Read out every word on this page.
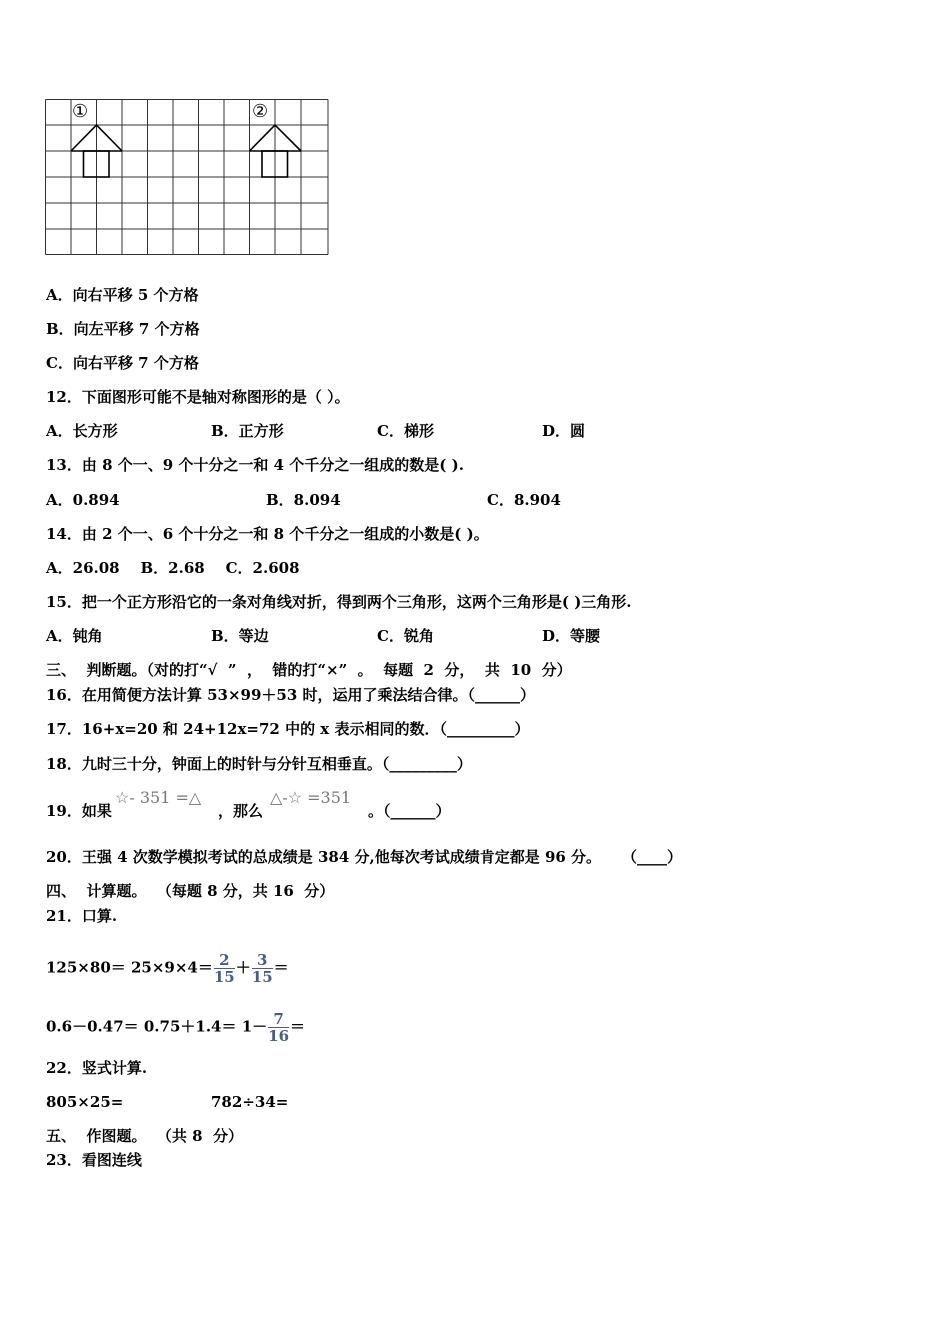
①	②
A．向右平移 5 个方格
B．向左平移 7 个方格
C．向右平移 7 个方格
12．下面图形可能不是轴对称图形的是（ ）。
A．长方形	B．正方形	C．梯形	D．圆
13．由 8 个一、9 个十分之一和 4 个千分之一组成的数是( ).
A．0.894	B．8.094	C．8.904
14．由 2 个一、6 个十分之一和 8 个千分之一组成的小数是( )。
A．26.08    B．2.68    C．2.608
15．把一个正方形沿它的一条对角线对折，得到两个三角形，这两个三角形是( )三角形.
A．钝角	B．等边	C．锐角	D．等腰
三、  判断题。（对的打“√  ”  ，  错的打“×”  。  每题  2  分，  共  10  分）
16．在用简便方法计算 53×99＋53 时，运用了乘法结合律。（______）
17．16+x=20 和 24+12x=72 中的 x 表示相同的数．（_________）
18．九时三十分，钟面上的时针与分针互相垂直。（_________）
19．如果
☆- 351 =△
，那么
△-☆ =351
。（______）
20．王强 4 次数学模拟考试的总成绩是 384 分,他每次考试成绩肯定都是 96 分。    （____）
四、  计算题。  （每题 8 分，共 16  分）
21．口算.
$125\times 80= 25\times 9\times 4= \frac{2}{15} + \frac{3}{15}$ ＝
$0.6-0.47= 0.75+1.4= 1- \frac{7}{16}$ ＝
22．竖式计算.
805×25=	782÷34=
五、  作图题。  （共 8  分）
23．看图连线
